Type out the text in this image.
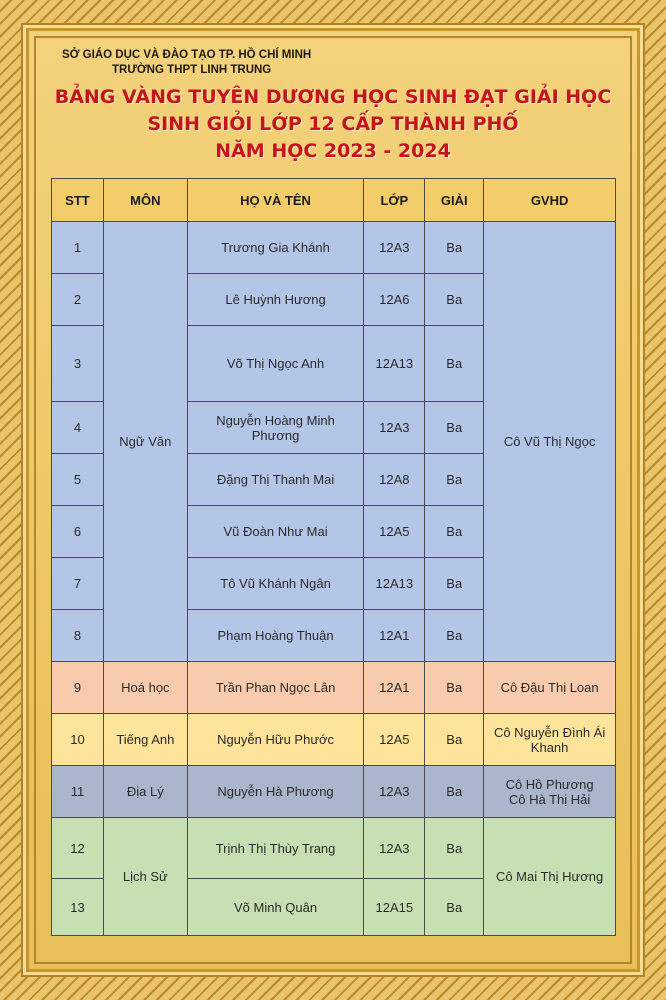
SỞ GIÁO DỤC VÀ ĐÀO TẠO TP. HỒ CHÍ MINH
TRƯỜNG THPT LINH TRUNG
BẢNG VÀNG TUYÊN DƯƠNG HỌC SINH ĐẠT GIẢI HỌC
SINH GIỎI LỚP 12 CẤP THÀNH PHỐ
NĂM HỌC 2023 - 2024
STT	MÔN	HỌ VÀ TÊN	LỚP	GIẢI	GVHD
1	Ngữ Văn	Trương Gia Khánh	12A3	Ba	Cô Vũ Thị Ngọc
2		Lê Huỳnh Hương	12A6	Ba	
3		Võ Thị Ngọc Anh	12A13	Ba	
4		Nguyễn Hoàng Minh Phương	12A3	Ba	
5		Đặng Thị Thanh Mai	12A8	Ba	
6		Vũ Đoàn Như Mai	12A5	Ba	
7		Tô Vũ Khánh Ngân	12A13	Ba	
8		Phạm Hoàng Thuận	12A1	Ba	
9	Hoá học	Trần Phan Ngọc Lân	12A1	Ba	Cô Đậu Thị Loan
10	Tiếng Anh	Nguyễn Hữu Phước	12A5	Ba	Cô Nguyễn Đình Ái Khanh
11	Địa Lý	Nguyễn Hà Phương	12A3	Ba	Cô Hồ Phương
Cô Hà Thị Hải

12	Lịch Sử	Trịnh Thị Thùy Trang	12A3	Ba	Cô Mai Thị Hương
13		Võ Minh Quân	12A15	Ba	
